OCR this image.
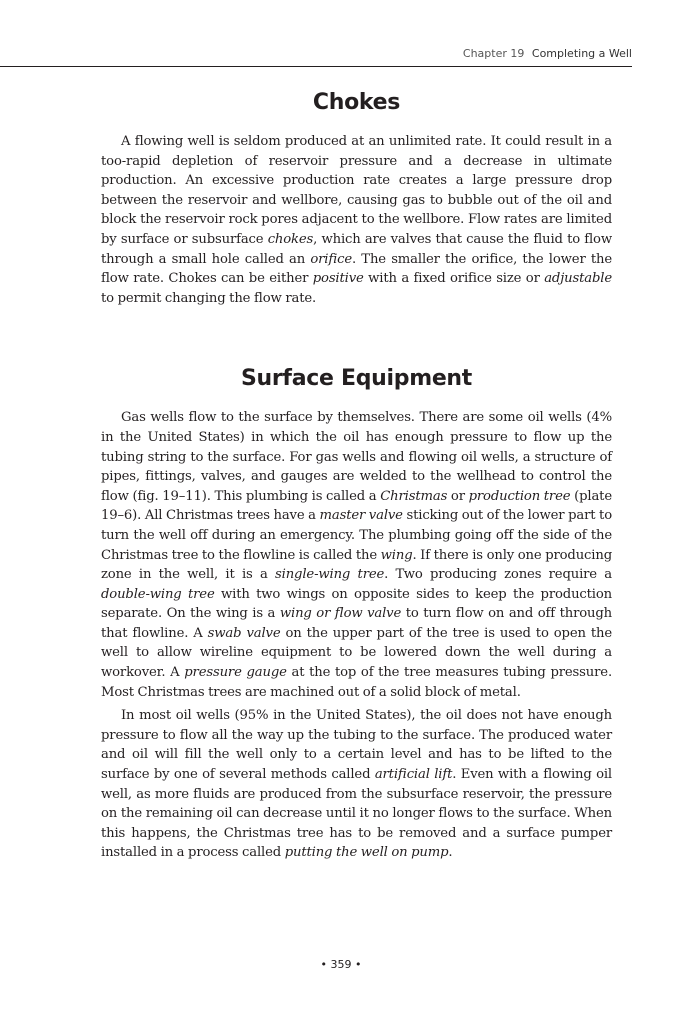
Chapter 19 Completing a Well
Chokes

A flowing well is seldom produced at an unlimited rate. It could result in a too-rapid depletion of reservoir pressure and a decrease in ultimate production. An excessive production rate creates a large pressure drop between the reservoir and wellbore, causing gas to bubble out of the oil and block the reservoir rock pores adjacent to the wellbore. Flow rates are limited by surface or subsurface chokes, which are valves that cause the fluid to flow through a small hole called an orifice. The smaller the orifice, the lower the flow rate. Chokes can be either positive with a fixed orifice size or adjustable to permit changing the flow rate.

Surface Equipment

Gas wells flow to the surface by themselves. There are some oil wells (4% in the United States) in which the oil has enough pressure to flow up the tubing string to the surface. For gas wells and flowing oil wells, a structure of pipes, fittings, valves, and gauges are welded to the wellhead to control the flow (fig. 19–11). This plumbing is called a Christmas or production tree (plate 19–6). All Christmas trees have a master valve sticking out of the lower part to turn the well off during an emergency. The plumbing going off the side of the Christmas tree to the flowline is called the wing. If there is only one producing zone in the well, it is a single-wing tree. Two producing zones require a double-wing tree with two wings on opposite sides to keep the production separate. On the wing is a wing or flow valve to turn flow on and off through that flowline. A swab valve on the upper part of the tree is used to open the well to allow wireline equipment to be lowered down the well during a workover. A pressure gauge at the top of the tree measures tubing pressure. Most Christmas trees are machined out of a solid block of metal.

In most oil wells (95% in the United States), the oil does not have enough pressure to flow all the way up the tubing to the surface. The produced water and oil will fill the well only to a certain level and has to be lifted to the surface by one of several methods called artificial lift. Even with a flowing oil well, as more fluids are produced from the subsurface reservoir, the pressure on the remaining oil can decrease until it no longer flows to the surface. When this happens, the Christmas tree has to be removed and a surface pumper installed in a process called putting the well on pump.

• 359 •
